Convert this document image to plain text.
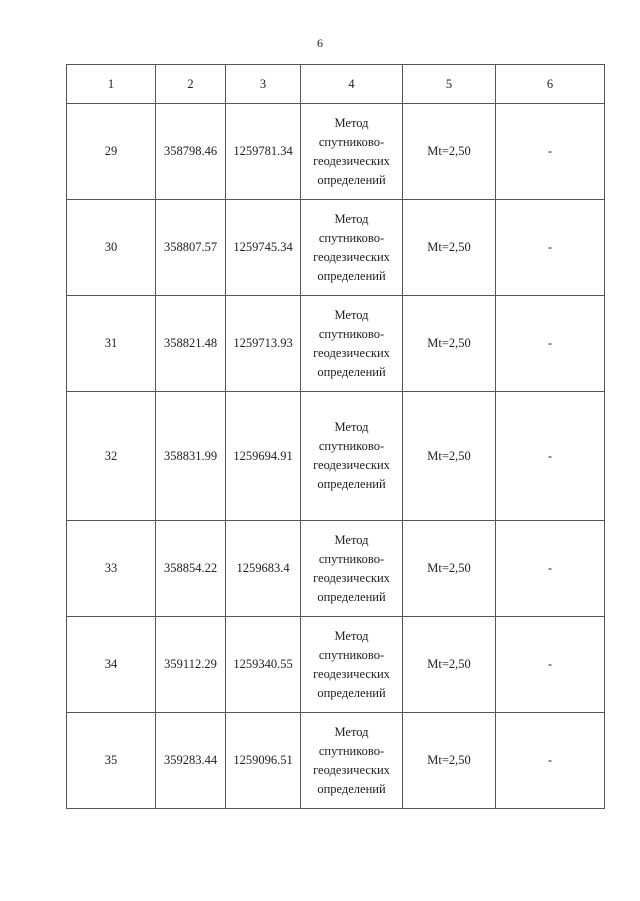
6
1	2	3	4	5	6
29	358798.46	1259781.34	Метод
спутниково-
геодезических
определений	Mt=2,50	-
30	358807.57	1259745.34	Метод
спутниково-
геодезических
определений	Mt=2,50	-
31	358821.48	1259713.93	Метод
спутниково-
геодезических
определений	Mt=2,50	-
32	358831.99	1259694.91	Метод
спутниково-
геодезических
определений	Mt=2,50	-
33	358854.22	1259683.4	Метод
спутниково-
геодезических
определений	Mt=2,50	-
34	359112.29	1259340.55	Метод
спутниково-
геодезических
определений	Mt=2,50	-
35	359283.44	1259096.51	Метод
спутниково-
геодезических
определений	Mt=2,50	-
